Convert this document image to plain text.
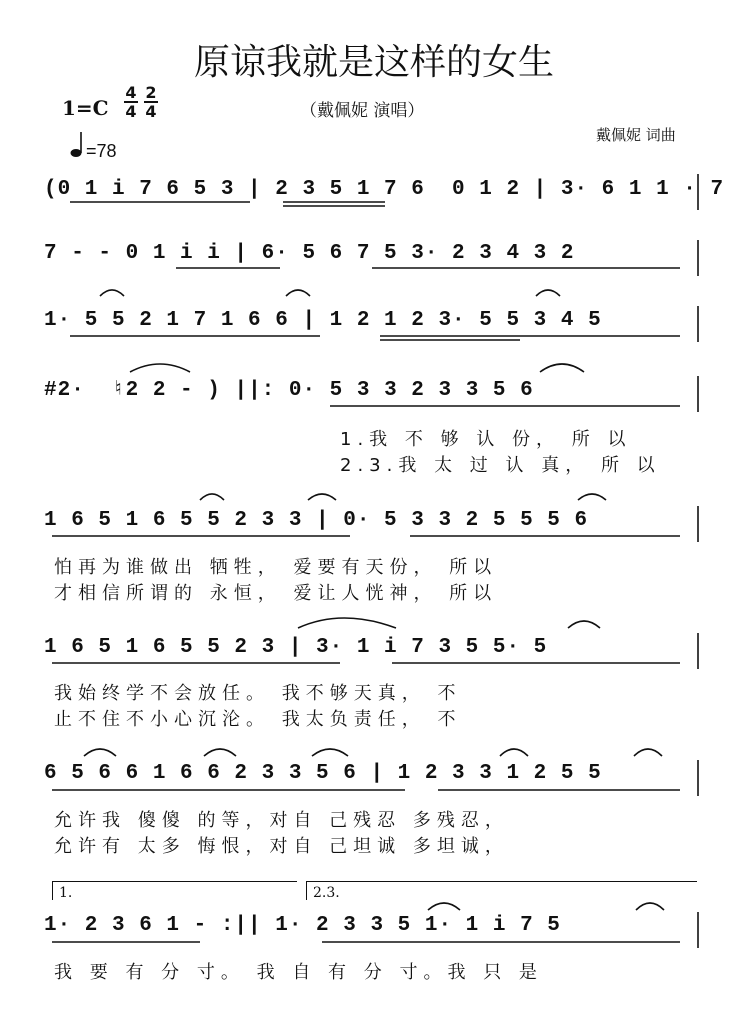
原谅我就是这样的女生
（戴佩妮 演唱）
1=C
4
4
2
4
戴佩妮 词曲
=78
(0 1 i 7 6 5 3 | 2 3 5 1 7 6  0 1 2 | 3· 6 1 1 · 7
7 - - 0 1 i i | 6· 5 6 7 5 3· 2 3 4 3 2
1· 5 5 2 1 7 1 6 6 | 1 2 1 2 3· 5 5 3 4 5
#2·  ♮2 2 - ) ||: 0· 5 3 3 2 3 3 5 6
1.我 不 够 认 份， 所 以
2.3.我 太 过 认 真， 所 以
1 6 5 1 6 5 5 2 3 3 | 0· 5 3 3 2 5 5 5 6
怕再为谁做出 牺牲， 爱要有天份， 所以
才相信所谓的 永恒， 爱让人恍神， 所以
1 6 5 1 6 5 5 2 3 | 3· 1 i 7 3 5 5· 5
我始终学不会放任。 我不够天真， 不
止不住不小心沉沦。 我太负责任， 不
6 5 6 6 1 6 6 2 3 3 5 6 | 1 2 3 3 1 2 5 5
允许我 傻傻 的等，对自 己残忍 多残忍，
允许有 太多 悔恨，对自 己坦诚 多坦诚，
1.	2.3.
1· 2 3 6 1 - :|| 1· 2 3 3 5 1· 1 i 7 5
我 要 有 分 寸。 我 自 有 分 寸。我 只 是
